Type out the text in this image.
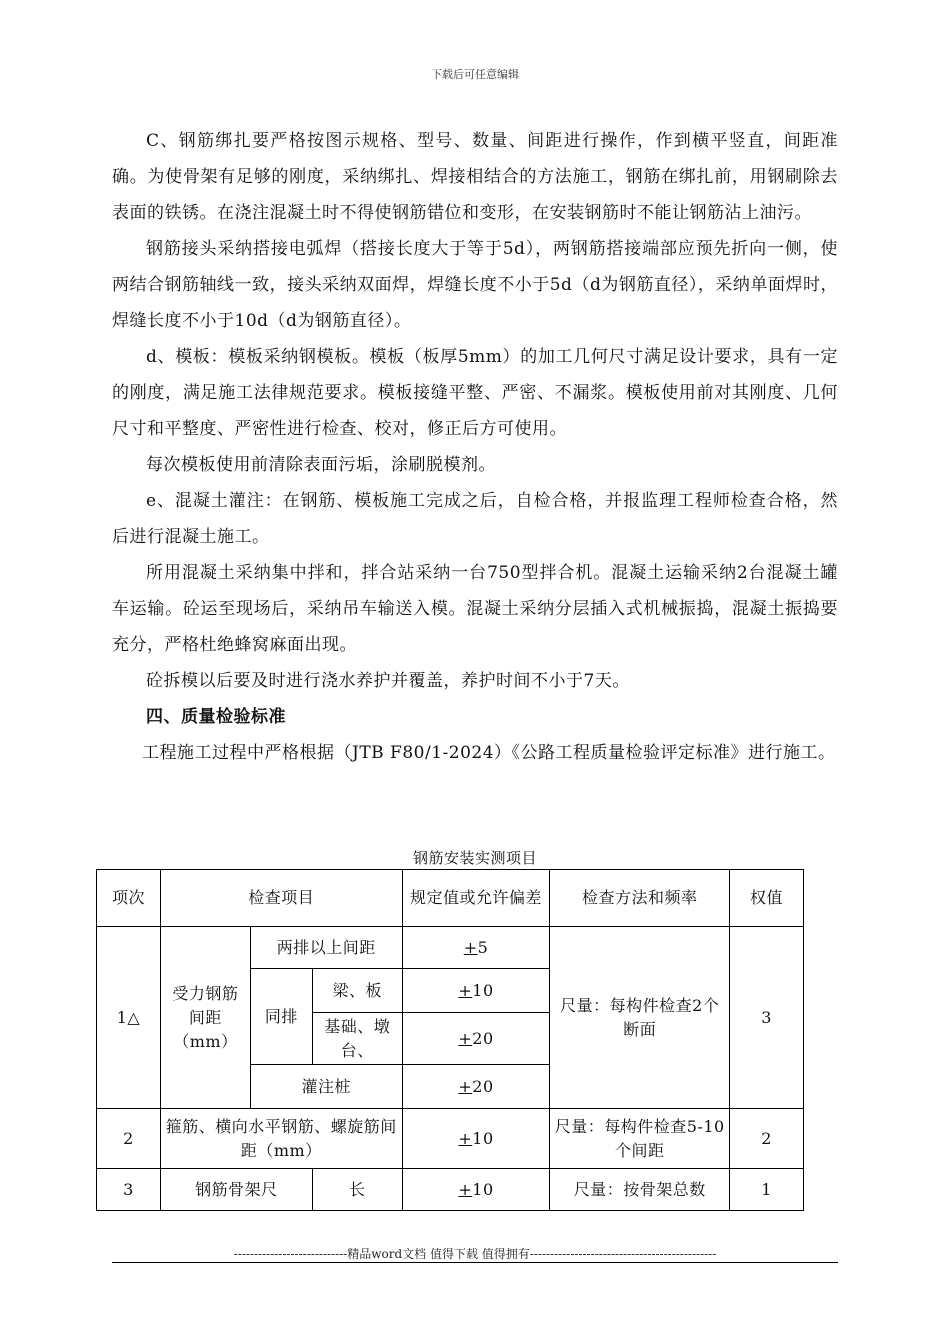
下载后可任意编辑

C、钢筋绑扎要严格按图示规格、型号、数量、间距进行操作，作到横平竖直，间距准确。为使骨架有足够的刚度，采纳绑扎、焊接相结合的方法施工，钢筋在绑扎前，用钢刷除去表面的铁锈。在浇注混凝土时不得使钢筋错位和变形，在安装钢筋时不能让钢筋沾上油污。

钢筋接头采纳搭接电弧焊（搭接长度大于等于5d），两钢筋搭接端部应预先折向一侧，使两结合钢筋轴线一致，接头采纳双面焊，焊缝长度不小于5d（d为钢筋直径），采纳单面焊时，焊缝长度不小于10d（d为钢筋直径）。

d、模板：模板采纳钢模板。模板（板厚5mm）的加工几何尺寸满足设计要求，具有一定的刚度，满足施工法律规范要求。模板接缝平整、严密、不漏浆。模板使用前对其刚度、几何尺寸和平整度、严密性进行检查、校对，修正后方可使用。

每次模板使用前清除表面污垢，涂刷脱模剂。

e、混凝土灌注：在钢筋、模板施工完成之后，自检合格，并报监理工程师检查合格，然后进行混凝土施工。

所用混凝土采纳集中拌和，拌合站采纳一台750型拌合机。混凝土运输采纳2台混凝土罐车运输。砼运至现场后，采纳吊车输送入模。混凝土采纳分层插入式机械振捣，混凝土振捣要充分，严格杜绝蜂窝麻面出现。

砼拆模以后要及时进行浇水养护并覆盖，养护时间不小于7天。

四、质量检验标准

工程施工过程中严格根据（JTB F80/1-2024）《公路工程质量检验评定标准》进行施工。

钢筋安装实测项目
项次	检查项目			规定值或允许偏差	检查方法和频率	权值
1△	受力钢筋间距（mm）	两排以上间距		+5	尺量：每构件检查2个断面	3
		同排	梁、板	+10		
			基础、墩台、	+20		
		灌注桩		+20		
2	箍筋、横向水平钢筋、螺旋筋间距（mm）			+10	尺量：每构件检查5-10个间距	2
3	钢筋骨架尺		长	+10	尺量：按骨架总数	1
----------------------------精品word文档 值得下载 值得拥有----------------------------------------------
